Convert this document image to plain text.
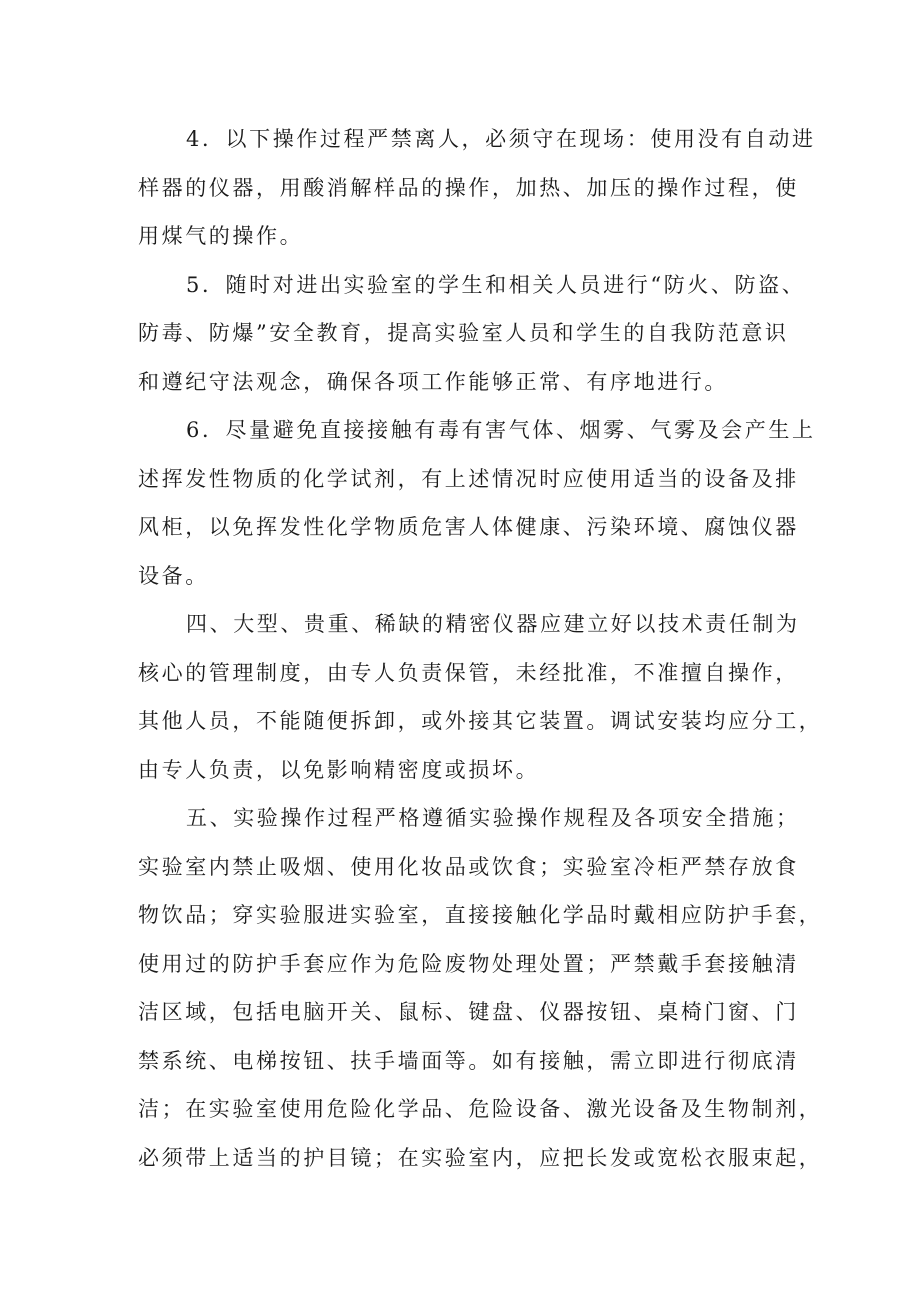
4．以下操作过程严禁离人，必须守在现场：使用没有自动进

样器的仪器，用酸消解样品的操作，加热、加压的操作过程，使

用煤气的操作。

5．随时对进出实验室的学生和相关人员进行“防火、防盗、

防毒、防爆”安全教育，提高实验室人员和学生的自我防范意识

和遵纪守法观念，确保各项工作能够正常、有序地进行。

6．尽量避免直接接触有毒有害气体、烟雾、气雾及会产生上

述挥发性物质的化学试剂，有上述情况时应使用适当的设备及排

风柜，以免挥发性化学物质危害人体健康、污染环境、腐蚀仪器

设备。

四、大型、贵重、稀缺的精密仪器应建立好以技术责任制为

核心的管理制度，由专人负责保管，未经批准，不准擅自操作，

其他人员，不能随便拆卸，或外接其它装置。调试安装均应分工，

由专人负责，以免影响精密度或损坏。

五、实验操作过程严格遵循实验操作规程及各项安全措施；

实验室内禁止吸烟、使用化妆品或饮食；实验室冷柜严禁存放食

物饮品；穿实验服进实验室，直接接触化学品时戴相应防护手套，

使用过的防护手套应作为危险废物处理处置；严禁戴手套接触清

洁区域，包括电脑开关、鼠标、键盘、仪器按钮、桌椅门窗、门

禁系统、电梯按钮、扶手墙面等。如有接触，需立即进行彻底清

洁；在实验室使用危险化学品、危险设备、激光设备及生物制剂，

必须带上适当的护目镜；在实验室内，应把长发或宽松衣服束起，
